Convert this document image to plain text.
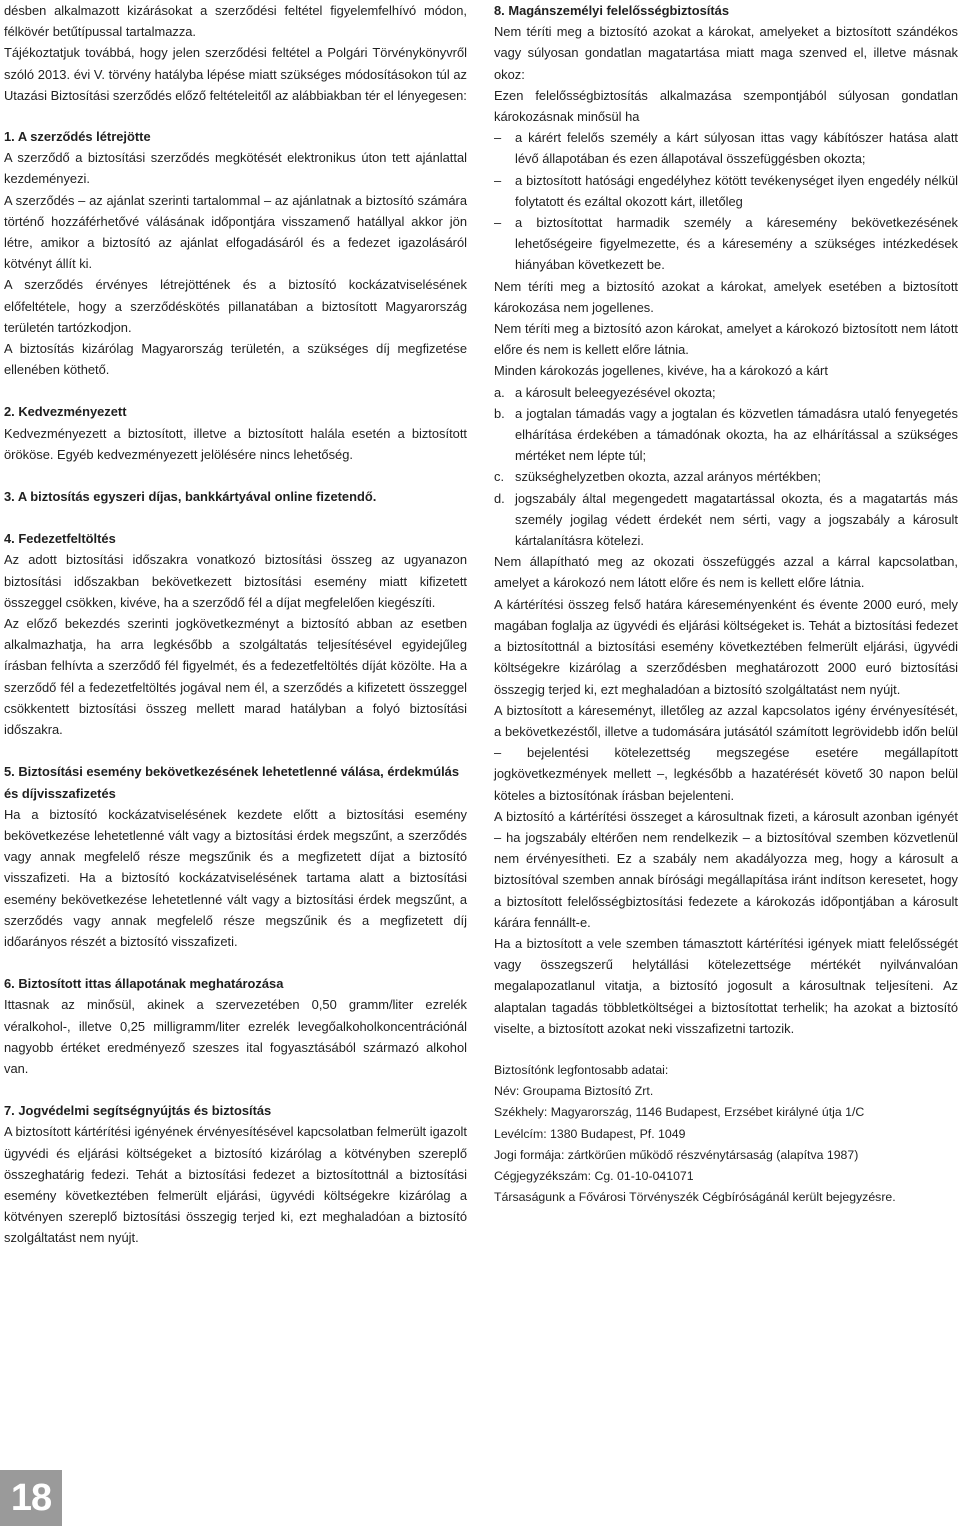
désben alkalmazott kizárásokat a szerződési feltétel figyelemfelhívó módon, félkövér betűtípussal tartalmazza.

Tájékoztatjuk továbbá, hogy jelen szerződési feltétel a Polgári Törvénykönyvről szóló 2013. évi V. törvény hatályba lépése miatt szükséges módosításokon túl az Utazási Biztosítási szerződés előző feltételeitől az alábbiakban tér el lényegesen:

1. A szerződés létrejötte

A szerződő a biztosítási szerződés megkötését elektronikus úton tett ajánlattal kezdeményezi.

A szerződés – az ajánlat szerinti tartalommal – az ajánlatnak a biztosító számára történő hozzáférhetővé válásának időpontjára visszamenő hatállyal akkor jön létre, amikor a biztosító az ajánlat elfogadásáról és a fedezet igazolásáról kötvényt állít ki.

A szerződés érvényes létrejöttének és a biztosító kockázatviselésének előfeltétele, hogy a szerződéskötés pillanatában a biztosított Magyarország területén tartózkodjon.

A biztosítás kizárólag Magyarország területén, a szükséges díj megfizetése ellenében köthető.

2. Kedvezményezett

Kedvezményezett a biztosított, illetve a biztosított halála esetén a biztosított örököse. Egyéb kedvezményezett jelölésére nincs lehetőség.

3. A biztosítás egyszeri díjas, bankkártyával online fizetendő.
4. Fedezetfeltöltés

Az adott biztosítási időszakra vonatkozó biztosítási összeg az ugyanazon biztosítási időszakban bekövetkezett biztosítási esemény miatt kifizetett összeggel csökken, kivéve, ha a szerződő fél a díjat megfelelően kiegészíti.

Az előző bekezdés szerinti jogkövetkezményt a biztosító abban az esetben alkalmazhatja, ha arra legkésőbb a szolgáltatás teljesítésével egyidejűleg írásban felhívta a szerződő fél figyelmét, és a fedezetfeltöltés díját közölte. Ha a szerződő fél a fedezetfeltöltés jogával nem él, a szerződés a kifizetett összeggel csökkentett biztosítási összeg mellett marad hatályban a folyó biztosítási időszakra.

5. Biztosítási esemény bekövetkezésének lehetetlenné válása, érdekmúlás és díjvisszafizetés

Ha a biztosító kockázatviselésének kezdete előtt a biztosítási esemény bekövetkezése lehetetlenné vált vagy a biztosítási érdek megszűnt, a szerződés vagy annak megfelelő része megszűnik és a megfizetett díjat a biztosító visszafizeti. Ha a biztosító kockázatviselésének tartama alatt a biztosítási esemény bekövetkezése lehetetlenné vált vagy a biztosítási érdek megszűnt, a szerződés vagy annak megfelelő része megszűnik és a megfizetett díj időarányos részét a biztosító visszafizeti.

6. Biztosított ittas állapotának meghatározása

Ittasnak az minősül, akinek a szervezetében 0,50 gramm/liter ezrelék véralkohol-, illetve 0,25 milligramm/liter ezrelék levegőalkoholkoncentrációnál nagyobb értéket eredményező szeszes ital fogyasztásából származó alkohol van.

7. Jogvédelmi segítségnyújtás és biztosítás

A biztosított kártérítési igényének érvényesítésével kapcsolatban felmerült igazolt ügyvédi és eljárási költségeket a biztosító kizárólag a kötvényben szereplő összeghatárig fedezi. Tehát a biztosítási fedezet a biztosítottnál a biztosítási esemény következtében felmerült eljárási, ügyvédi költségekre kizárólag a kötvényen szereplő biztosítási összegig terjed ki, ezt meghaladóan a biztosító szolgáltatást nem nyújt.

8. Magánszemélyi felelősségbiztosítás

Nem téríti meg a biztosító azokat a károkat, amelyeket a biztosított szándékos vagy súlyosan gondatlan magatartása miatt maga szenved el, illetve másnak okoz:

Ezen felelősségbiztosítás alkalmazása szempontjából súlyosan gondatlan károkozásnak minősül ha

–	a kárért felelős személy a kárt súlyosan ittas vagy kábítószer hatása alatt lévő állapotában és ezen állapotával összefüggésben okozta;
–	a biztosított hatósági engedélyhez kötött tevékenységet ilyen engedély nélkül folytatott és ezáltal okozott kárt, illetőleg
–	a biztosítottat harmadik személy a káresemény bekövetkezésének lehetőségeire figyelmezette, és a káresemény a szükséges intézkedések hiányában következett be.

Nem téríti meg a biztosító azokat a károkat, amelyek esetében a biztosított károkozása nem jogellenes.

Nem téríti meg a biztosító azon károkat, amelyet a károkozó biztosított nem látott előre és nem is kellett előre látnia.

Minden károkozás jogellenes, kivéve, ha a károkozó a kárt

a. a károsult beleegyezésével okozta;
b. a jogtalan támadás vagy a jogtalan és közvetlen támadásra utaló fenyegetés elhárítása érdekében a támadónak okozta, ha az elhárítással a szükséges mértéket nem lépte túl;
c. szükséghelyzetben okozta, azzal arányos mértékben;
d. jogszabály által megengedett magatartással okozta, és a magatartás más személy jogilag védett érdekét nem sérti, vagy a jogszabály a károsult kártalanításra kötelezi.

Nem állapítható meg az okozati összefüggés azzal a kárral kapcsolatban, amelyet a károkozó nem látott előre és nem is kellett előre látnia.

A kártérítési összeg felső határa káreseményenként és évente 2000 euró, mely magában foglalja az ügyvédi és eljárási költségeket is. Tehát a biztosítási fedezet a biztosítottnál a biztosítási esemény következtében felmerült eljárási, ügyvédi költségekre kizárólag a szerződésben meghatározott 2000 euró biztosítási összegig terjed ki, ezt meghaladóan a biztosító szolgáltatást nem nyújt.

A biztosított a káreseményt, illetőleg az azzal kapcsolatos igény érvényesítését, a bekövetkezéstől, illetve a tudomására jutásától számított legrövidebb időn belül – bejelentési kötelezettség megszegése esetére megállapított jogkövetkezmények mellett –, legkésőbb a hazatérését követő 30 napon belül köteles a biztosítónak írásban bejelenteni.

A biztosító a kártérítési összeget a károsultnak fizeti, a károsult azonban igényét – ha jogszabály eltérően nem rendelkezik – a biztosítóval szemben közvetlenül nem érvényesítheti. Ez a szabály nem akadályozza meg, hogy a károsult a biztosítóval szemben annak bírósági megállapítása iránt indítson keresetet, hogy a biztosított felelősségbiztosítási fedezete a károkozás időpontjában a károsult kárára fennállt-e.

Ha a biztosított a vele szemben támasztott kártérítési igények miatt felelősségét vagy összegszerű helytállási kötelezettsége mértékét nyilvánvalóan megalapozatlanul vitatja, a biztosító jogosult a károsultnak teljesíteni. Az alaptalan tagadás többletköltségei a biztosítottat terhelik; ha azokat a biztosító viselte, a biztosított azokat neki visszafizetni tartozik.

Biztosítónk legfontosabb adatai:

Név: Groupama Biztosító Zrt.

Székhely: Magyarország, 1146 Budapest, Erzsébet királyné útja 1/C

Levélcím: 1380 Budapest, Pf. 1049

Jogi formája: zártkörűen működő részvénytársaság (alapítva 1987)

Cégjegyzékszám: Cg. 01-10-041071

Társaságunk a Fővárosi Törvényszék Cégbíróságánál került bejegyzésre.

18
